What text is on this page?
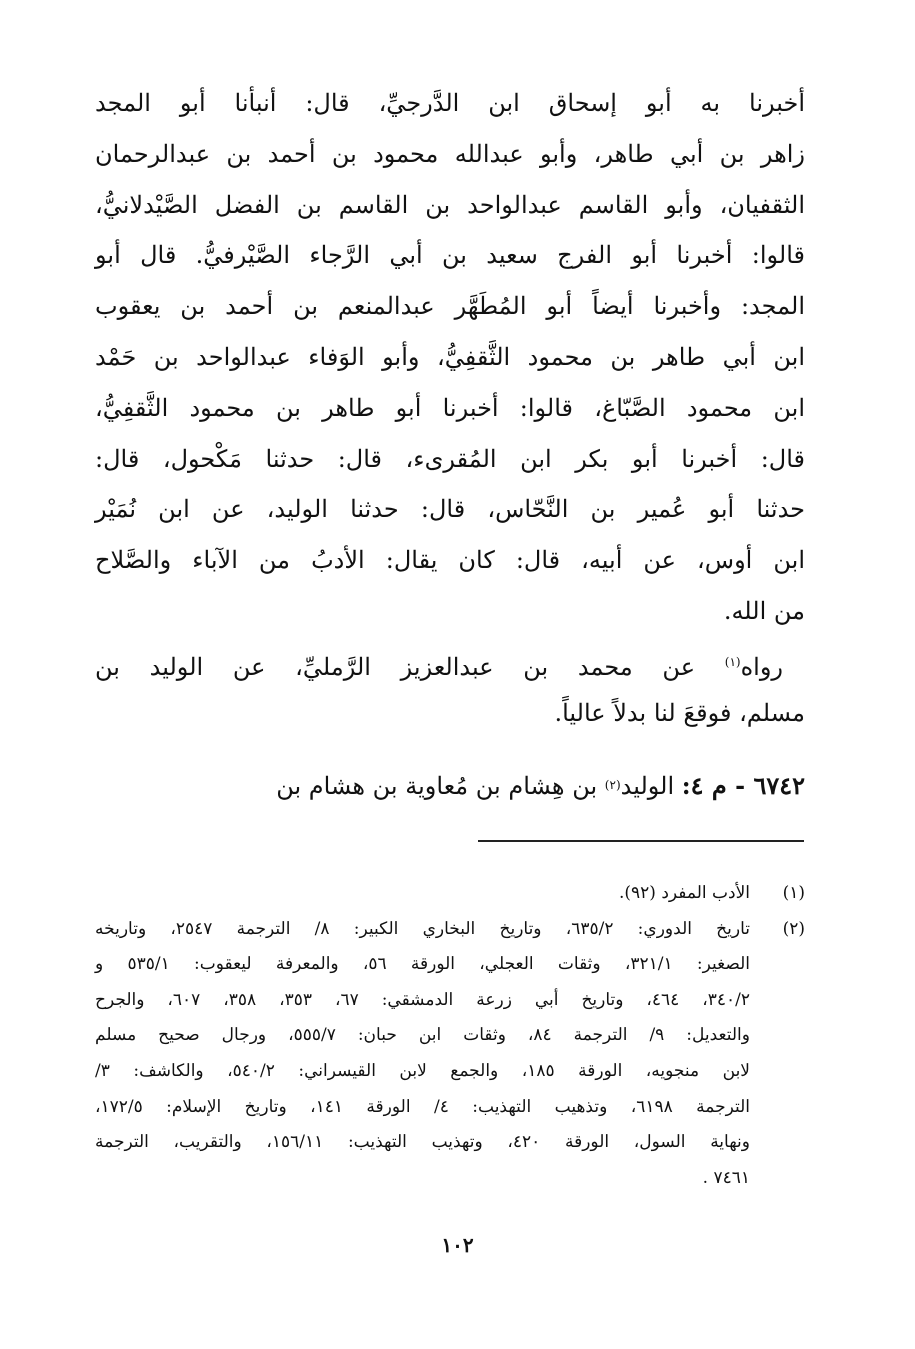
أخبرنا به أبو إسحاق ابن الدَّرجيِّ، قال: أنبأنا أبو المجد
زاهر بن أبي طاهر، وأبو عبدالله محمود بن أحمد بن عبدالرحمان
الثقفيان، وأبو القاسم عبدالواحد بن القاسم بن الفضل الصَّيْدلانيُّ،
قالوا: أخبرنا أبو الفرج سعيد بن أبي الرَّجاء الصَّيْرفيُّ. قال أبو
المجد: وأخبرنا أيضاً أبو المُطَهَّر عبدالمنعم بن أحمد بن يعقوب
ابن أبي طاهر بن محمود الثَّقفِيُّ، وأبو الوَفاء عبدالواحد بن حَمْد
ابن محمود الصَّبّاغ، قالوا: أخبرنا أبو طاهر بن محمود الثَّقفِيُّ،
قال: أخبرنا أبو بكر ابن المُقرىء، قال: حدثنا مَكْحول، قال:
حدثنا أبو عُمير بن النَّحّاس، قال: حدثنا الوليد، عن ابن نُمَيْر
ابن أوس، عن أبيه، قال: كان يقال: الأدبُ من الآباء والصَّلاح
من الله.
رواه$^{(١)}$ عن محمد بن عبدالعزيز الرَّمليِّ، عن الوليد بن
مسلم، فوقعَ لنا بدلاً عالياً.
٦٧٤٢ - م ٤:

الوليد
(٢)

بن هِشام بن مُعاوية بن هشام بن
(١)
الأدب المفرد (٩٢).
(٢)
تاريخ الدوري: ٦٣٥/٢، وتاريخ البخاري الكبير: ٨/ الترجمة ٢٥٤٧، وتاريخه
الصغير: ٣٢١/١، وثقات العجلي، الورقة ٥٦، والمعرفة ليعقوب: ٥٣٥/١ و
٣٤٠/٢، ٤٦٤، وتاريخ أبي زرعة الدمشقي: ٦٧، ٣٥٣، ٣٥٨، ٦٠٧، والجرح
والتعديل: ٩/ الترجمة ٨٤، وثقات ابن حبان: ٥٥٥/٧، ورجال صحيح مسلم
لابن منجويه، الورقة ١٨٥، والجمع لابن القيسراني: ٥٤٠/٢، والكاشف: ٣/
الترجمة ٦١٩٨، وتذهيب التهذيب: ٤/ الورقة ١٤١، وتاريخ الإسلام: ١٧٢/٥،
ونهاية السول، الورقة ٤٢٠، وتهذيب التهذيب: ١٥٦/١١، والتقريب، الترجمة
٧٤٦١ .
١٠٢
